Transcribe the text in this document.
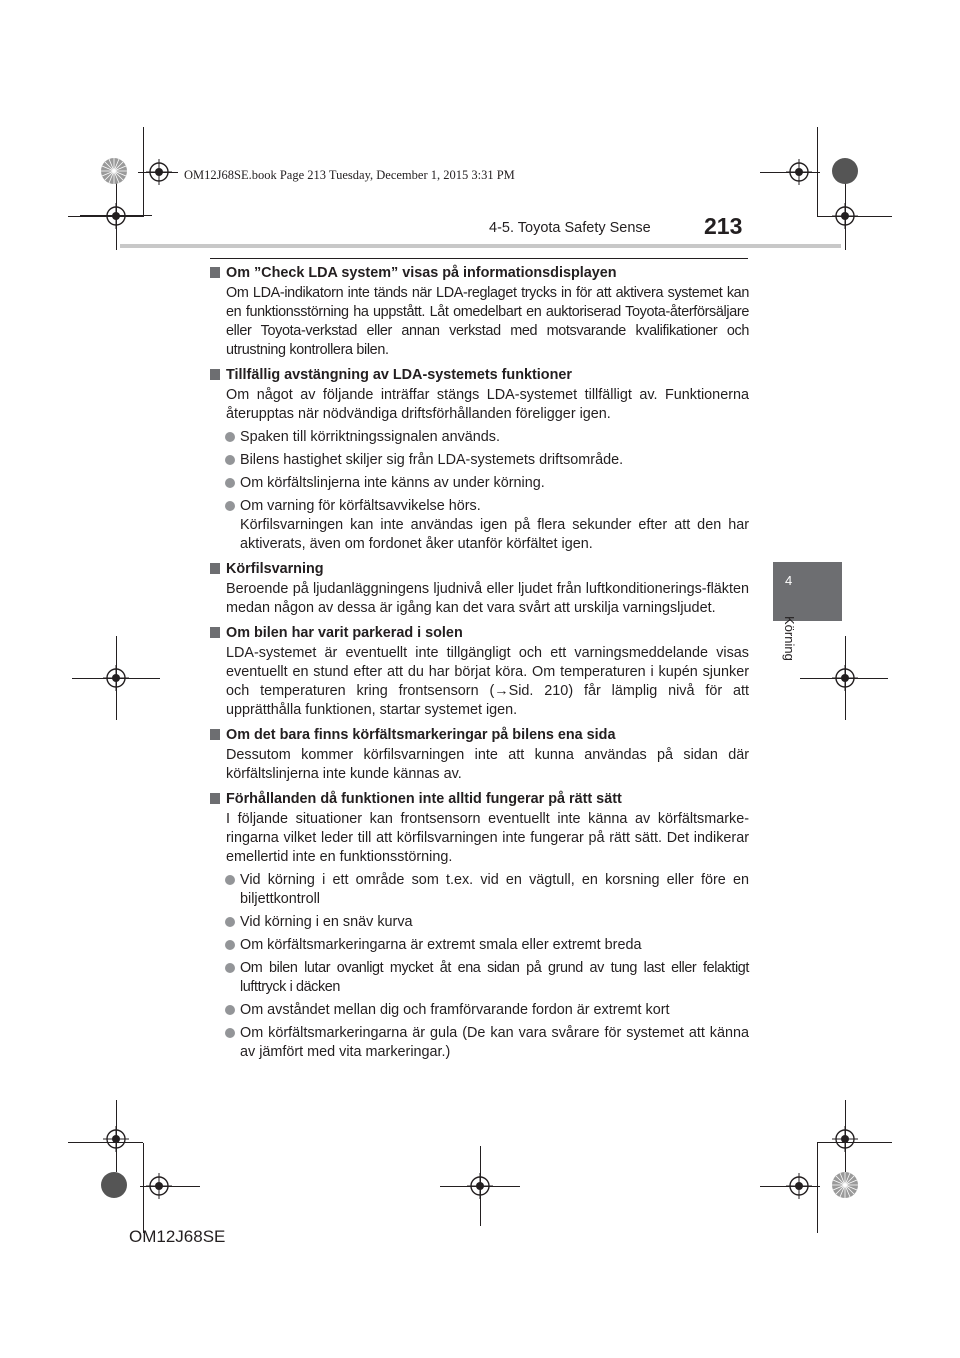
OM12J68SE.book Page 213 Tuesday, December 1, 2015 3:31 PM
4-5. Toyota Safety Sense 213
4
Körning
Om ”Check LDA system” visas på informationsdisplayen
Om LDA-indikatorn inte tänds när LDA-reglaget trycks in för att aktivera systemet kan en funktionsstörning ha uppstått. Låt omedelbart en auktoriserad Toyota-återförsäljare eller Toyota-verkstad eller annan verkstad med motsvarande kvalifikationer och utrustning kontrollera bilen.
Tillfällig avstängning av LDA-systemets funktioner
Om något av följande inträffar stängs LDA-systemet tillfälligt av. Funktionerna återupptas när nödvändiga driftsförhållanden föreligger igen.
Spaken till körriktningssignalen används.
Bilens hastighet skiljer sig från LDA-systemets driftsområde.
Om körfältslinjerna inte känns av under körning.
Om varning för körfältsavvikelse hörs.
Körfilsvarningen kan inte användas igen på flera sekunder efter att den har aktiverats, även om fordonet åker utanför körfältet igen.
Körfilsvarning
Beroende på ljudanläggningens ljudnivå eller ljudet från luftkonditionerings-fläkten medan någon av dessa är igång kan det vara svårt att urskilja varningsljudet.
Om bilen har varit parkerad i solen
LDA-systemet är eventuellt inte tillgängligt och ett varningsmeddelande visas eventuellt en stund efter att du har börjat köra. Om temperaturen i kupén sjunker och temperaturen kring frontsensorn (→Sid. 210) får lämplig nivå för att upprätthålla funktionen, startar systemet igen.
Om det bara finns körfältsmarkeringar på bilens ena sida
Dessutom kommer körfilsvarningen inte att kunna användas på sidan där körfältslinjerna inte kunde kännas av.
Förhållanden då funktionen inte alltid fungerar på rätt sätt
I följande situationer kan frontsensorn eventuellt inte känna av körfältsmarke-ringarna vilket leder till att körfilsvarningen inte fungerar på rätt sätt. Det indikerar emellertid inte en funktionsstörning.
Vid körning i ett område som t.ex. vid en vägtull, en korsning eller före en biljettkontroll
Vid körning i en snäv kurva
Om körfältsmarkeringarna är extremt smala eller extremt breda
Om bilen lutar ovanligt mycket åt ena sidan på grund av tung last eller felaktigt lufttryck i däcken
Om avståndet mellan dig och framförvarande fordon är extremt kort
Om körfältsmarkeringarna är gula (De kan vara svårare för systemet att känna av jämfört med vita markeringar.)
OM12J68SE
